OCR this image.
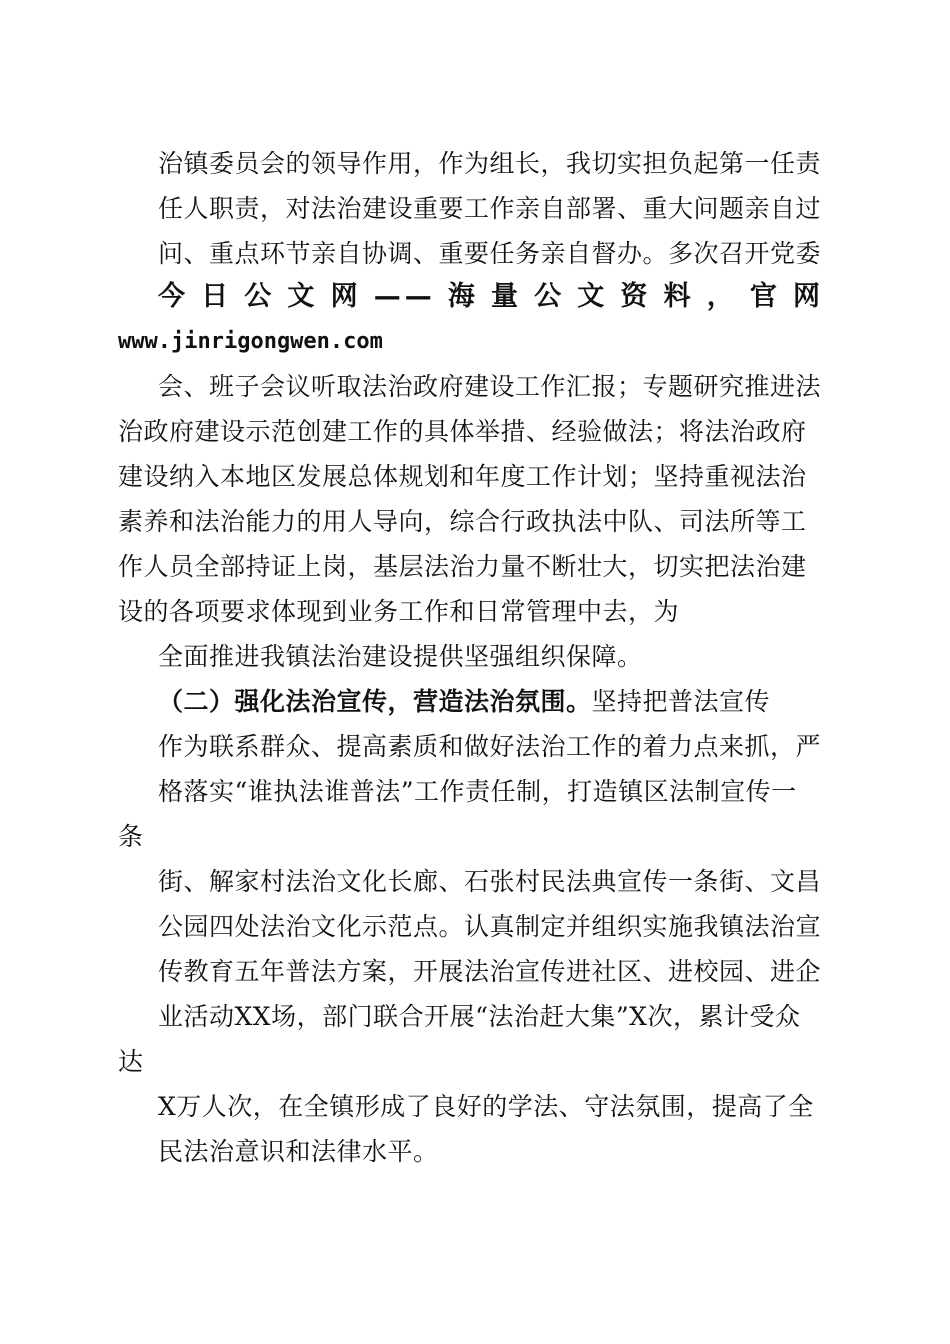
治镇委员会的领导作用，作为组长，我切实担负起第一任责
任人职责，对法治建设重要工作亲自部署、重大问题亲自过
问、重点环节亲自协调、重要任务亲自督办。多次召开党委
今日公文网——海量公文资料，官网
www.jinrigongwen.com
会、班子会议听取法治政府建设工作汇报；专题研究推进法
治政府建设示范创建工作的具体举措、经验做法；将法治政府
建设纳入本地区发展总体规划和年度工作计划；坚持重视法治
素养和法治能力的用人导向，综合行政执法中队、司法所等工
作人员全部持证上岗，基层法治力量不断壮大，切实把法治建
设的各项要求体现到业务工作和日常管理中去，为
全面推进我镇法治建设提供坚强组织保障。
（二）强化法治宣传，营造法治氛围。坚持把普法宣传
作为联系群众、提高素质和做好法治工作的着力点来抓，严
格落实“谁执法谁普法”工作责任制，打造镇区法制宣传一
条
街、解家村法治文化长廊、石张村民法典宣传一条街、文昌
公园四处法治文化示范点。认真制定并组织实施我镇法治宣
传教育五年普法方案，开展法治宣传进社区、进校园、进企
业活动XX场，部门联合开展“法治赶大集”X次，累计受众
达
X万人次，在全镇形成了良好的学法、守法氛围，提高了全
民法治意识和法律水平。
